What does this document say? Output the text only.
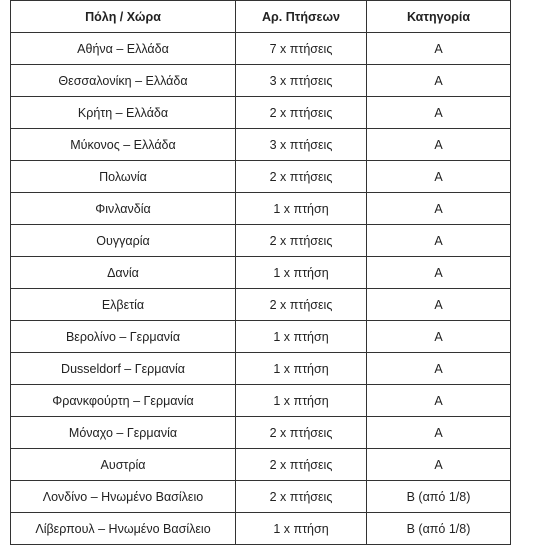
Πόλη / Χώρα	Αρ. Πτήσεων	Κατηγορία
Αθήνα – Ελλάδα	7 x πτήσεις	Α
Θεσσαλονίκη – Ελλάδα	3 x πτήσεις	Α
Κρήτη – Ελλάδα	2 x πτήσεις	Α
Μύκονος – Ελλάδα	3 x πτήσεις	Α
Πολωνία	2 x πτήσεις	Α
Φινλανδία	1 x πτήση	Α
Ουγγαρία	2 x πτήσεις	Α
Δανία	1 x πτήση	Α
Ελβετία	2 x πτήσεις	Α
Βερολίνο – Γερμανία	1 x πτήση	Α
Dusseldorf – Γερμανία	1 x πτήση	Α
Φρανκφούρτη – Γερμανία	1 x πτήση	Α
Μόναχο – Γερμανία	2 x πτήσεις	Α
Αυστρία	2 x πτήσεις	Α
Λονδίνο – Ηνωμένο Βασίλειο	2 x πτήσεις	Β (από 1/8)
Λίβερπουλ – Ηνωμένο Βασίλειο	1 x πτήση	Β (από 1/8)
